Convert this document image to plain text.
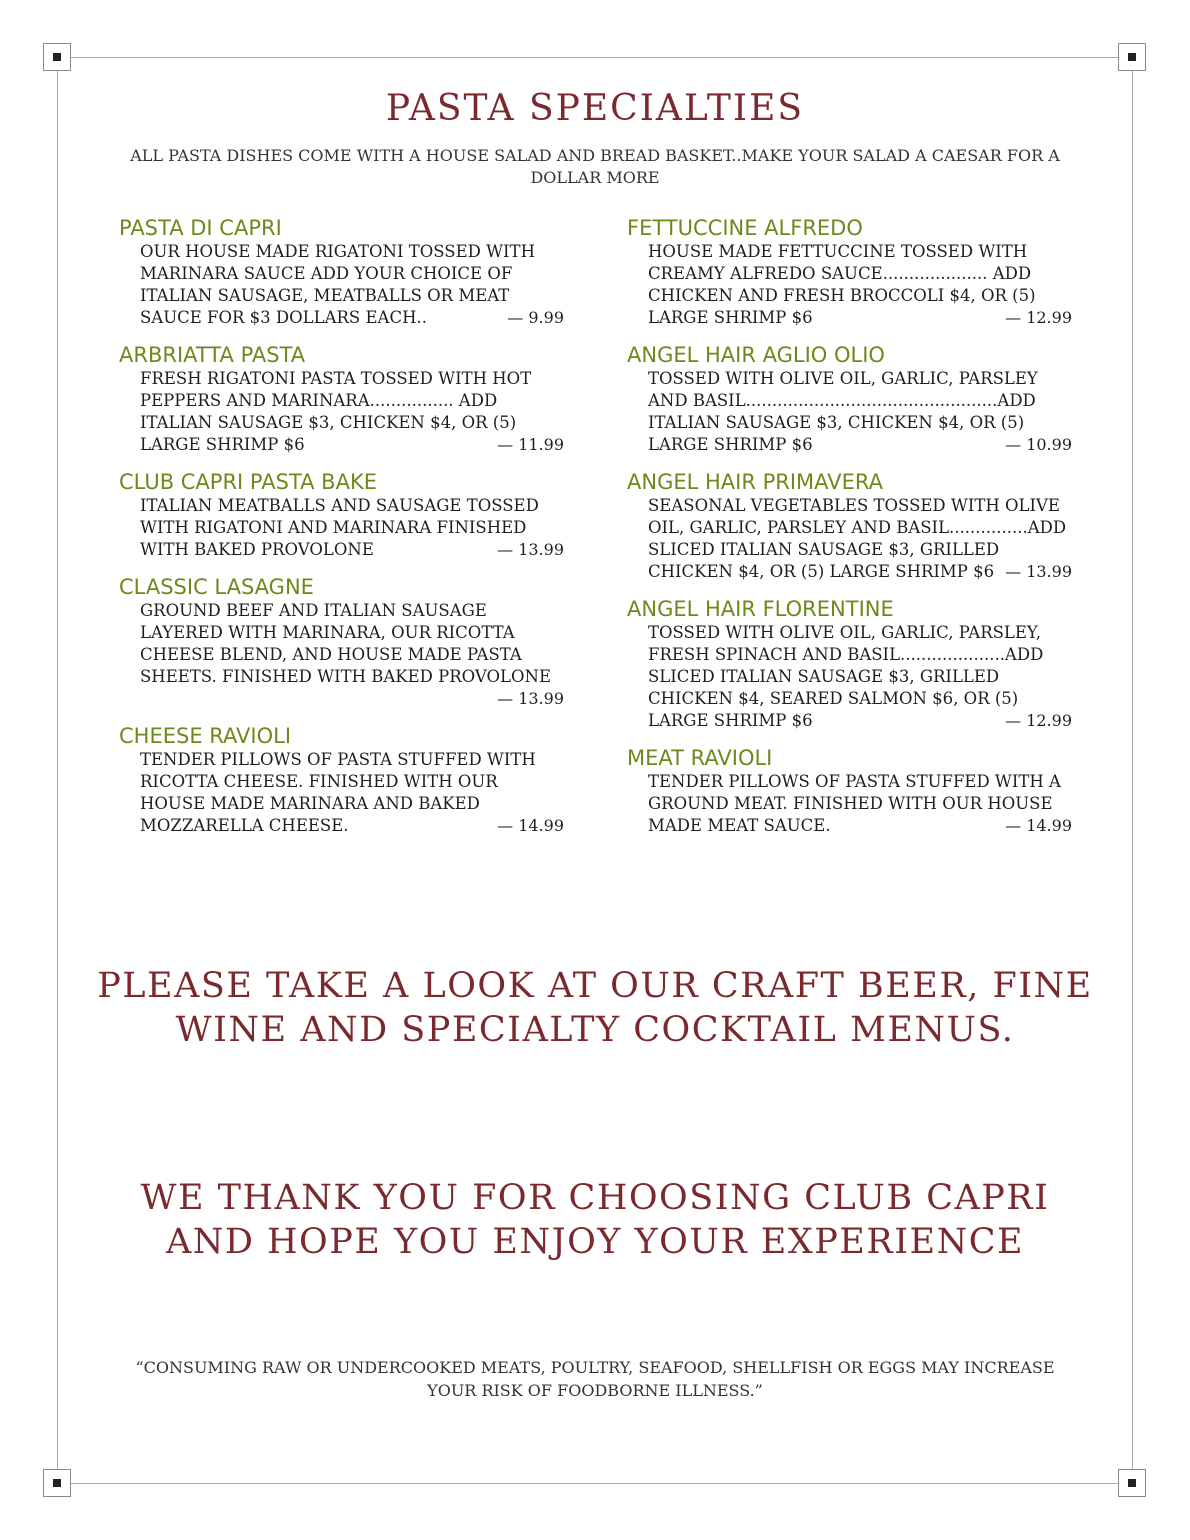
PASTA SPECIALTIES

ALL PASTA DISHES COME WITH A HOUSE SALAD AND BREAD BASKET..MAKE YOUR SALAD A CAESAR FOR A DOLLAR MORE

PASTA DI CAPRI
OUR HOUSE MADE RIGATONI TOSSED WITH
MARINARA SAUCE ADD YOUR CHOICE OF
ITALIAN SAUSAGE, MEATBALLS OR MEAT
SAUCE FOR $3 DOLLARS EACH..	— 9.99
ARBRIATTA PASTA
FRESH RIGATONI PASTA TOSSED WITH HOT
PEPPERS AND MARINARA................ ADD
ITALIAN SAUSAGE $3, CHICKEN $4, OR (5)
LARGE SHRIMP $6	— 11.99
CLUB CAPRI PASTA BAKE
ITALIAN MEATBALLS AND SAUSAGE TOSSED
WITH RIGATONI AND MARINARA FINISHED
WITH BAKED PROVOLONE	— 13.99
CLASSIC LASAGNE
GROUND BEEF AND ITALIAN SAUSAGE
LAYERED WITH MARINARA, OUR RICOTTA
CHEESE BLEND, AND HOUSE MADE PASTA
SHEETS. FINISHED WITH BAKED PROVOLONE
— 13.99
CHEESE RAVIOLI
TENDER PILLOWS OF PASTA STUFFED WITH
RICOTTA CHEESE. FINISHED WITH OUR
HOUSE MADE MARINARA AND BAKED
MOZZARELLA CHEESE.	— 14.99
FETTUCCINE ALFREDO
HOUSE MADE FETTUCCINE TOSSED WITH
CREAMY ALFREDO SAUCE.................... ADD
CHICKEN AND FRESH BROCCOLI $4, OR (5)
LARGE SHRIMP $6	— 12.99
ANGEL HAIR AGLIO OLIO
TOSSED WITH OLIVE OIL, GARLIC, PARSLEY
AND BASIL................................................ADD
ITALIAN SAUSAGE $3, CHICKEN $4, OR (5)
LARGE SHRIMP $6	— 10.99
ANGEL HAIR PRIMAVERA
SEASONAL VEGETABLES TOSSED WITH OLIVE
OIL, GARLIC, PARSLEY AND BASIL...............ADD
SLICED ITALIAN SAUSAGE $3, GRILLED
CHICKEN $4, OR (5) LARGE SHRIMP $6 — 13.99
ANGEL HAIR FLORENTINE
TOSSED WITH OLIVE OIL, GARLIC, PARSLEY,
FRESH SPINACH AND BASIL....................ADD
SLICED ITALIAN SAUSAGE $3, GRILLED
CHICKEN $4, SEARED SALMON $6, OR (5)
LARGE SHRIMP $6	— 12.99
MEAT RAVIOLI
TENDER PILLOWS OF PASTA STUFFED WITH A
GROUND MEAT. FINISHED WITH OUR HOUSE
MADE MEAT SAUCE.	— 14.99
PLEASE TAKE A LOOK AT OUR CRAFT BEER, FINE WINE AND SPECIALTY COCKTAIL MENUS.
WE THANK YOU FOR CHOOSING CLUB CAPRI AND HOPE YOU ENJOY YOUR EXPERIENCE

“CONSUMING RAW OR UNDERCOOKED MEATS, POULTRY, SEAFOOD, SHELLFISH OR EGGS MAY INCREASE YOUR RISK OF FOODBORNE ILLNESS.”
